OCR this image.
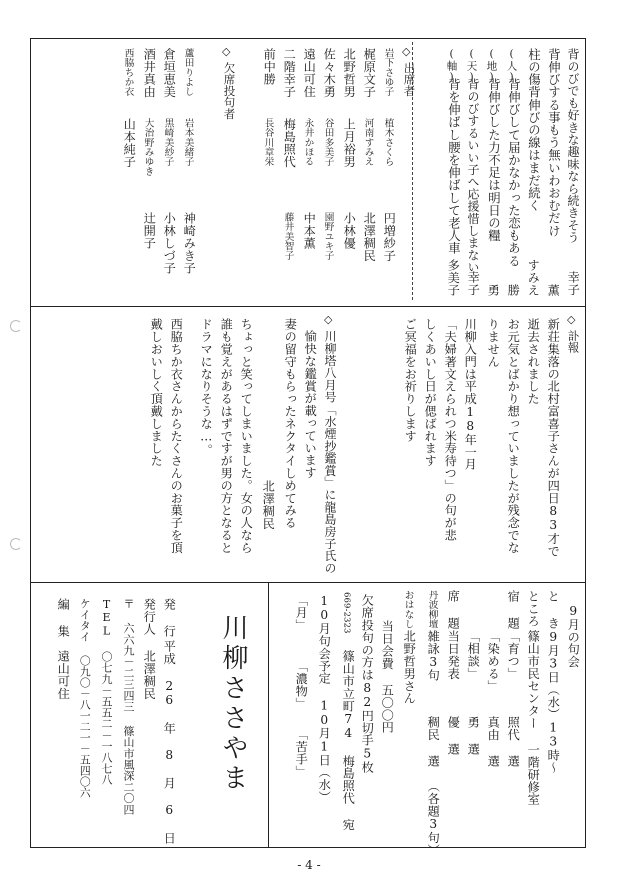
背のびでも好きな趣味なら続きそう
幸子
背伸びする事もう無いわおむだけ
薫
柱の傷背伸びの線はまだ続く
すみえ
(人)
背伸びして届かなかった恋もある
勝
(地)
背伸びした力不足は明日の糧
勇
(天)
背のびするいい子へ応援惜しまない
幸子
(軸)
背を伸ばし腰を伸ばして老人車
多美子
◇
出席者
岩下さゆ子
植木さくら
円増紗子
梶原文子
河南すみえ
北澤稠民
北野哲男
上月裕男
小林優
佐々木勇
谷田多美子
園野ユキ子
遠山可住
永井かほる
中本薫
二階幸子
梅島照代
藤井美智子
前中勝
長谷川章栄
◇
欠席投句者
蘆田りよし
岩本美緒子
神崎みき子
倉垣恵美
黒崎美紗子
小林しづ子
酒井真由
大治野みゆき
辻開子
西脇ちか衣
山本純子
◇
訃報
新荘集落の北村富喜子さんが四日83才で
逝去されました
お元気とばかり想っていましたが残念でな
りません
川柳入門は平成18年一月
「夫婦著文えられつ米寿待つ」の句が悲
しくあいし日が偲ばれます
ご冥福をお祈りします
◇
川柳塔八月号「水煙抄鑑賞」に龍島房子氏の
愉快な鑑賞が載っています
妻の留守もらったネクタイしめてみる
北澤稠民
ちょっと笑ってしまいました。女の人なら
誰も覚えがあるはずですが男の方となると
ドラマになりそうな…。
西脇ちか衣さんからたくさんのお菓子を頂
戴しおいしく頂戴しました
9月の句会
と き
9月3日（水）13時～
ところ
篠山市民センター 一階研修室
宿 題
「育つ」
照代 選
「染める」
真由 選
「相談」
勇 選
席 題
当日発表
優 選
丹波柳壇
雑詠3句
稠民 選
（各題3句）
おはなし
北野哲男さん
当日会費 五〇〇円
欠席投句の方は82円切手5枚
669-2323
篠山市立町74 梅島照代 宛
10月句会予定 10月1日（水）
「月」
「濃物」
「苦手」
川柳ささやま
発 行
平成 26 年 8 月 6 日
発行人
北澤稠民
〒 六六九－二三四三 篠山市風深二〇四
TEL 〇七九－五五二－一八七八
ケイタイ 〇九〇－八一二一－五四〇六
編 集
遠山可住
- 4 -
